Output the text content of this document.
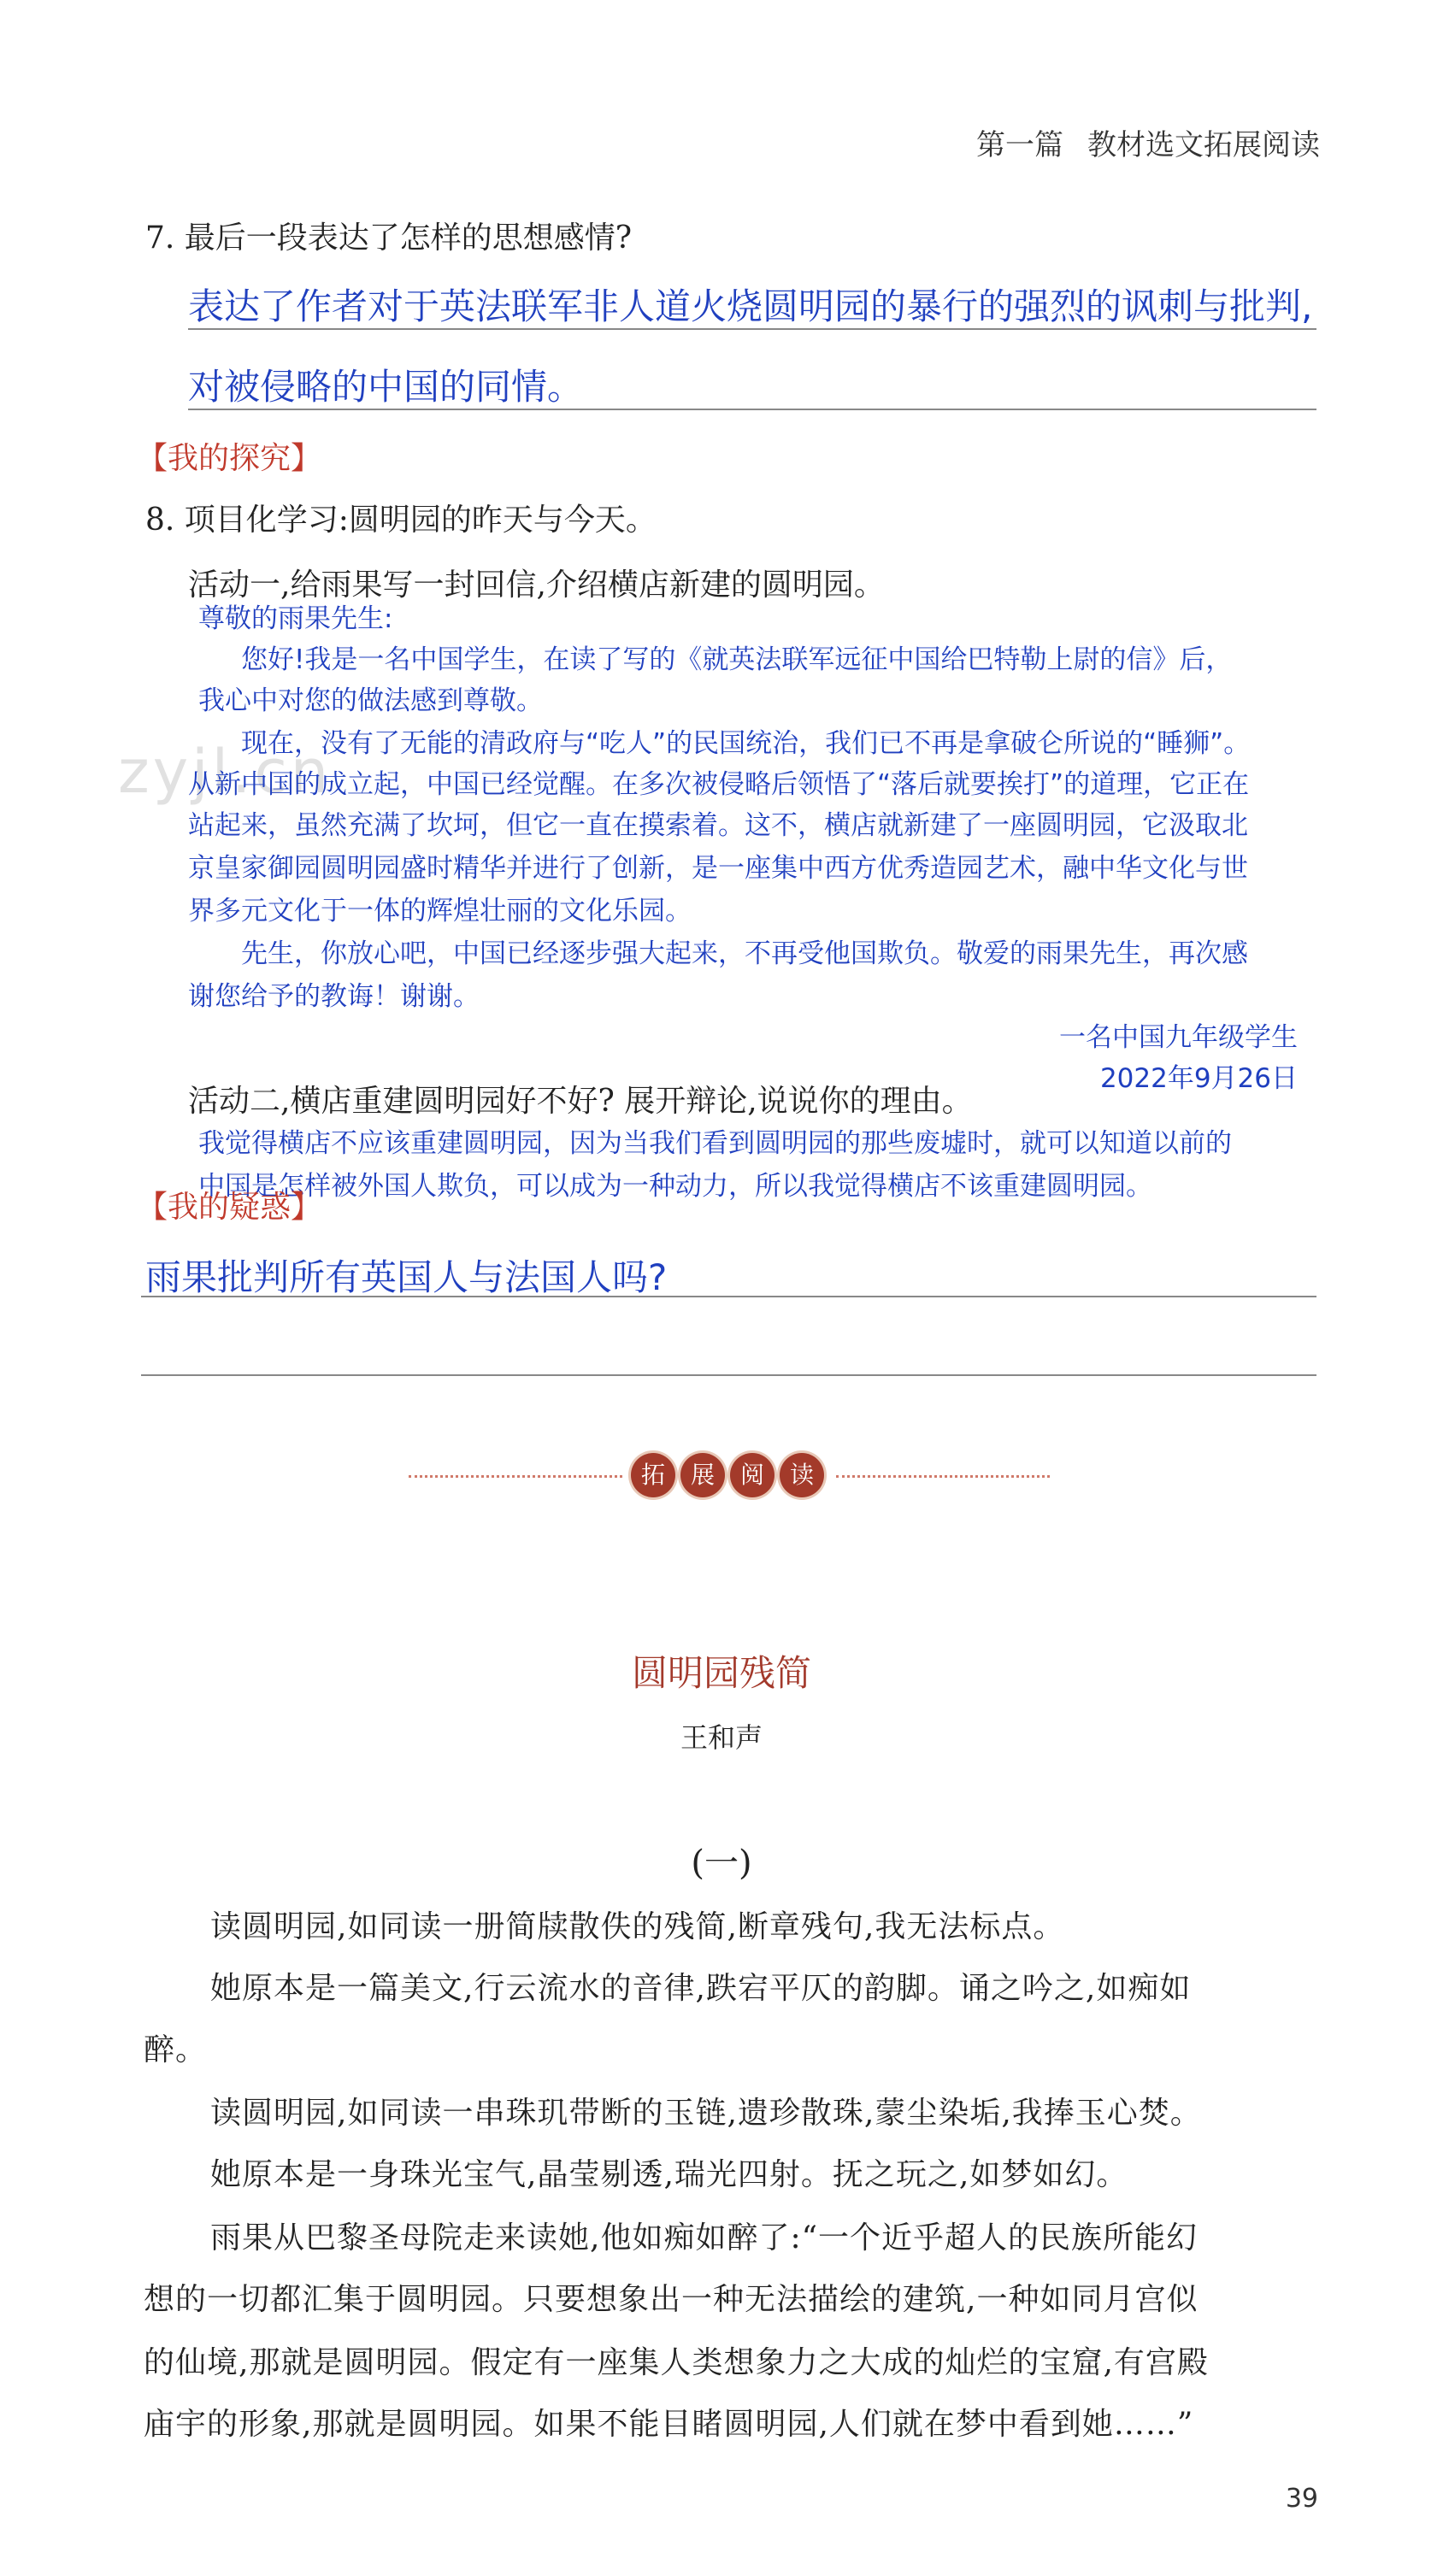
第一篇 教材选文拓展阅读
zyjl.cn
7. 最后一段表达了怎样的思想感情?
表达了作者对于英法联军非人道火烧圆明园的暴行的强烈的讽刺与批判,
对被侵略的中国的同情。
【我的探究】
8. 项目化学习:圆明园的昨天与今天。
活动一,给雨果写一封回信,介绍横店新建的圆明园。
尊敬的雨果先生:
您好!我是一名中国学生，在读了写的《就英法联军远征中国给巴特勒上尉的信》后，
我心中对您的做法感到尊敬。
现在，没有了无能的清政府与“吃人”的民国统治，我们已不再是拿破仑所说的“睡狮”。
从新中国的成立起，中国已经觉醒。在多次被侵略后领悟了“落后就要挨打”的道理，它正在
站起来，虽然充满了坎坷，但它一直在摸索着。这不，横店就新建了一座圆明园，它汲取北
京皇家御园圆明园盛时精华并进行了创新，是一座集中西方优秀造园艺术，融中华文化与世
界多元文化于一体的辉煌壮丽的文化乐园。
先生，你放心吧，中国已经逐步强大起来，不再受他国欺负。敬爱的雨果先生，再次感
谢您给予的教诲！谢谢。
一名中国九年级学生
2022年9月26日
活动二,横店重建圆明园好不好? 展开辩论,说说你的理由。
我觉得横店不应该重建圆明园，因为当我们看到圆明园的那些废墟时，就可以知道以前的
中国是怎样被外国人欺负，可以成为一种动力，所以我觉得横店不该重建圆明园。
【我的疑惑】
雨果批判所有英国人与法国人吗?
拓	展	阅	读
圆明园残简
王和声
(一)
读圆明园,如同读一册简牍散佚的残简,断章残句,我无法标点。
她原本是一篇美文,行云流水的音律,跌宕平仄的韵脚。诵之吟之,如痴如
醉。
读圆明园,如同读一串珠玑带断的玉链,遗珍散珠,蒙尘染垢,我捧玉心焚。
她原本是一身珠光宝气,晶莹剔透,瑞光四射。抚之玩之,如梦如幻。
雨果从巴黎圣母院走来读她,他如痴如醉了:“一个近乎超人的民族所能幻
想的一切都汇集于圆明园。只要想象出一种无法描绘的建筑,一种如同月宫似
的仙境,那就是圆明园。假定有一座集人类想象力之大成的灿烂的宝窟,有宫殿
庙宇的形象,那就是圆明园。如果不能目睹圆明园,人们就在梦中看到她……”
39
